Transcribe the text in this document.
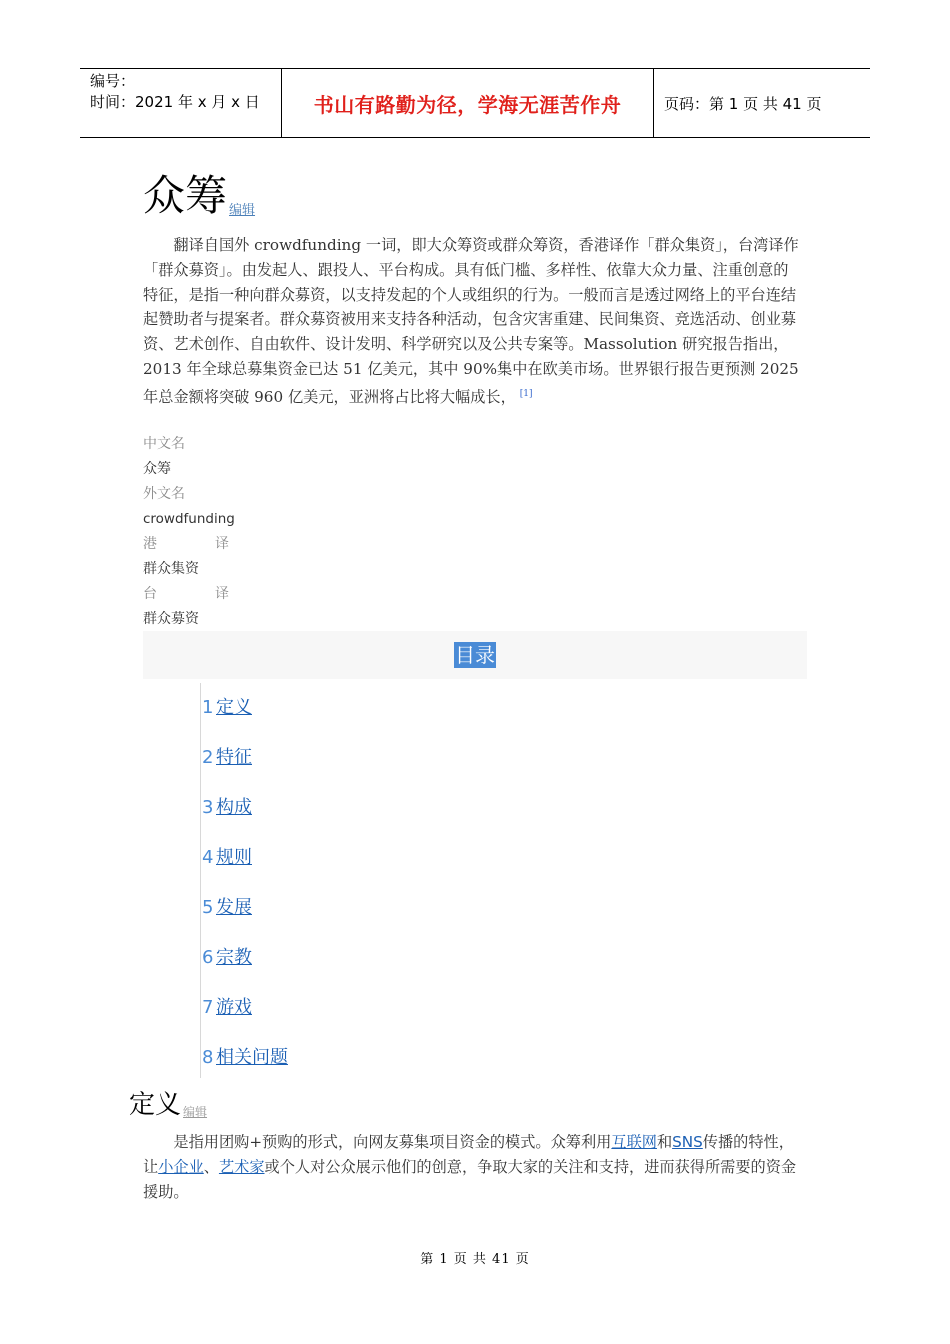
编号：
时间：2021 年 x 月 x 日	书山有路勤为径，学海无涯苦作舟	页码：第 1 页 共 41 页
众筹 编辑
翻译自国外 crowdfunding 一词，即大众筹资或群众筹资，香港译作「群众集资」，台湾译作「群众募资」。由发起人、跟投人、平台构成。具有低门槛、多样性、依靠大众力量、注重创意的特征，是指一种向群众募资，以支持发起的个人或组织的行为。一般而言是透过网络上的平台连结起赞助者与提案者。群众募资被用来支持各种活动，包含灾害重建、民间集资、竞选活动、创业募资、艺术创作、自由软件、设计发明、科学研究以及公共专案等。Massolution 研究报告指出，2013 年全球总募集资金已达 51 亿美元，其中 90%集中在欧美市场。世界银行报告更预测 2025 年总金额将突破 960 亿美元，亚洲将占比将大幅成长， [1]
中文名
众筹
外文名
crowdfunding
港	译
群众集资
台	译
群众募资
目录
1 定义
2 特征
3 构成
4 规则
5 发展
6 宗教
7 游戏
8 相关问题
定义 编辑
是指用团购+预购的形式，向网友募集项目资金的模式。众筹利用互联网和SNS传播的特性，让小企业、艺术家或个人对公众展示他们的创意，争取大家的关注和支持，进而获得所需要的资金援助。
第 1 页 共 41 页
